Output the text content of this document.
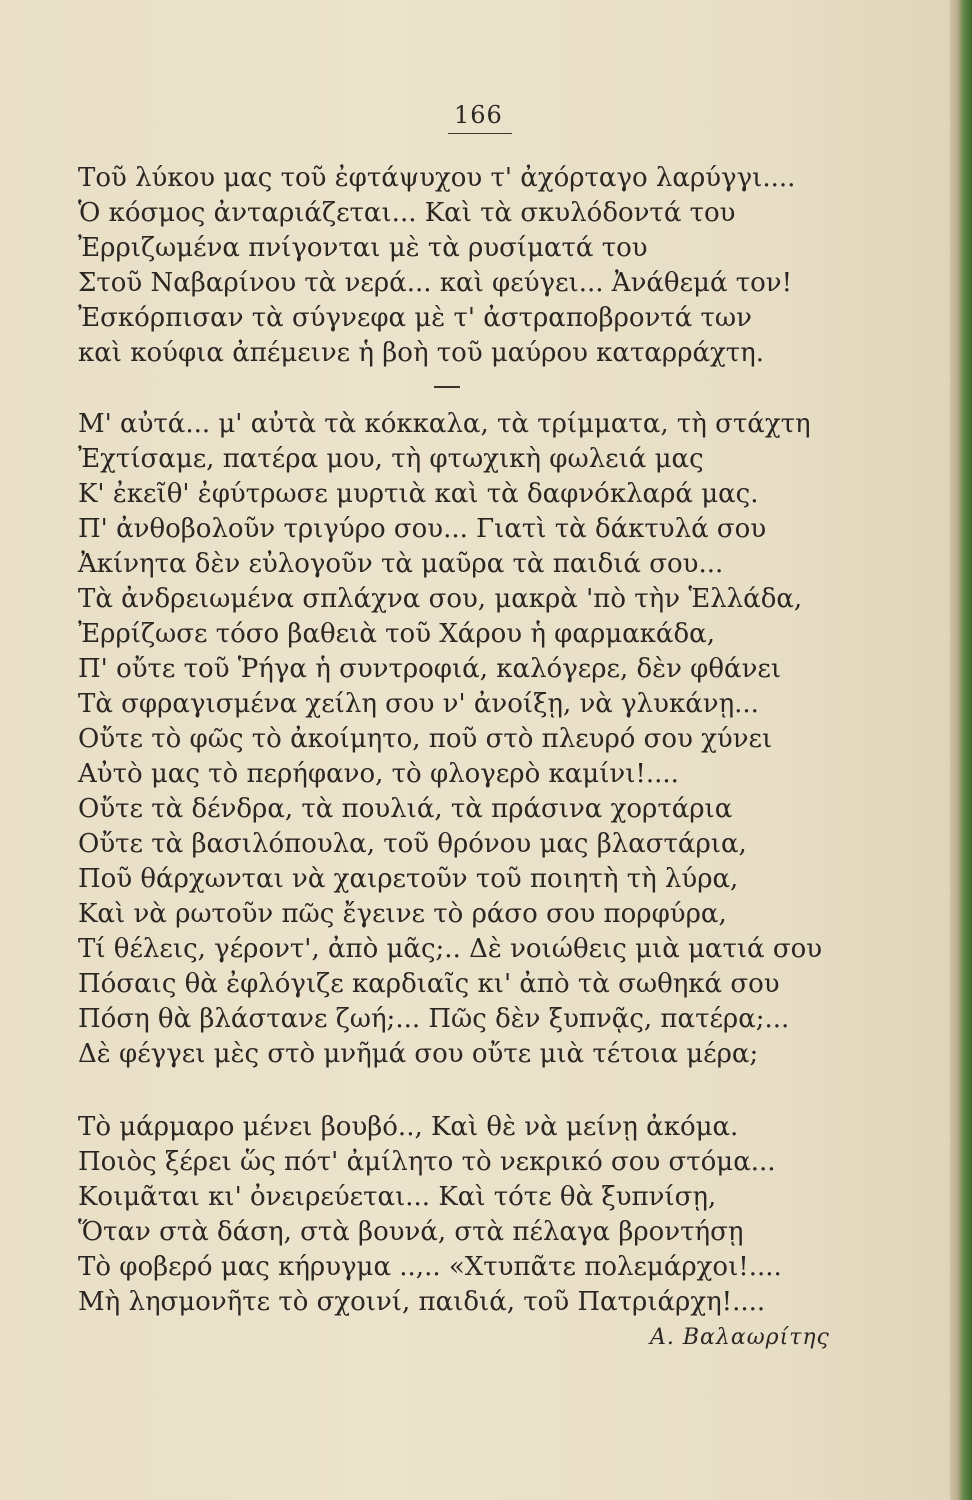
166
Τοῦ λύκου μας τοῦ ἐφτάψυχου τ' ἀχόρταγο λαρύγγι....
Ὁ κόσμος ἀνταριάζεται... Καὶ τὰ σκυλόδοντά του
Ἐρριζωμένα πνίγονται μὲ τὰ ρυσίματά του
Στοῦ Ναβαρίνου τὰ νερά... καὶ φεύγει... Ἀνάθεμά τον!
Ἐσκόρπισαν τὰ σύγνεφα μὲ τ' ἀστραποβροντά των
καὶ κούφια ἀπέμεινε ἡ βοὴ τοῦ μαύρου καταρράχτη.
Μ' αὐτά... μ' αὐτὰ τὰ κόκκαλα, τὰ τρίμματα, τὴ στάχτη
Ἐχτίσαμε, πατέρα μου, τὴ φτωχικὴ φωλειά μας
Κ' ἐκεῖθ' ἐφύτρωσε μυρτιὰ καὶ τὰ δαφνόκλαρά μας.
Π' ἀνθοβολοῦν τριγύρο σου... Γιατὶ τὰ δάκτυλά σου
Ἀκίνητα δὲν εὐλογοῦν τὰ μαῦρα τὰ παιδιά σου...
Τὰ ἀνδρειωμένα σπλάχνα σου, μακρὰ 'πὸ τὴν Ἑλλάδα,
Ἐρρίζωσε τόσο βαθειὰ τοῦ Χάρου ἡ φαρμακάδα,
Π' οὔτε τοῦ Ῥήγα ἡ συντροφιά, καλόγερε, δὲν φθάνει
Τὰ σφραγισμένα χείλη σου ν' ἀνοίξῃ, νὰ γλυκάνῃ...
Οὔτε τὸ φῶς τὸ ἀκοίμητο, ποῦ στὸ πλευρό σου χύνει
Αὐτὸ μας τὸ περήφανο, τὸ φλογερὸ καμίνι!....
Οὔτε τὰ δένδρα, τὰ πουλιά, τὰ πράσινα χορτάρια
Οὔτε τὰ βασιλόπουλα, τοῦ θρόνου μας βλαστάρια,
Ποῦ θάρχωνται νὰ χαιρετοῦν τοῦ ποιητὴ τὴ λύρα,
Καὶ νὰ ρωτοῦν πῶς ἔγεινε τὸ ράσο σου πορφύρα,
Τί θέλεις, γέροντ', ἀπὸ μᾶς;.. Δὲ νοιώθεις μιὰ ματιά σου
Πόσαις θὰ ἐφλόγιζε καρδιαῖς κι' ἀπὸ τὰ σωθηκά σου
Πόση θὰ βλάστανε ζωή;... Πῶς δὲν ξυπνᾷς, πατέρα;...
Δὲ φέγγει μὲς στὸ μνῆμά σου οὔτε μιὰ τέτοια μέρα;
Τὸ μάρμαρο μένει βουβό.., Καὶ θὲ νὰ μείνῃ ἀκόμα.
Ποιὸς ξέρει ὥς πότ' ἀμίλητο τὸ νεκρικό σου στόμα...
Κοιμᾶται κι' ὀνειρεύεται... Καὶ τότε θὰ ξυπνίσῃ,
Ὅταν στὰ δάση, στὰ βουνά, στὰ πέλαγα βροντήσῃ
Τὸ φοβερό μας κήρυγμα ..,.. «Χτυπᾶτε πολεμάρχοι!....
Μὴ λησμονῆτε τὸ σχοινί, παιδιά, τοῦ Πατριάρχη!....
Α. Βαλαωρίτης
